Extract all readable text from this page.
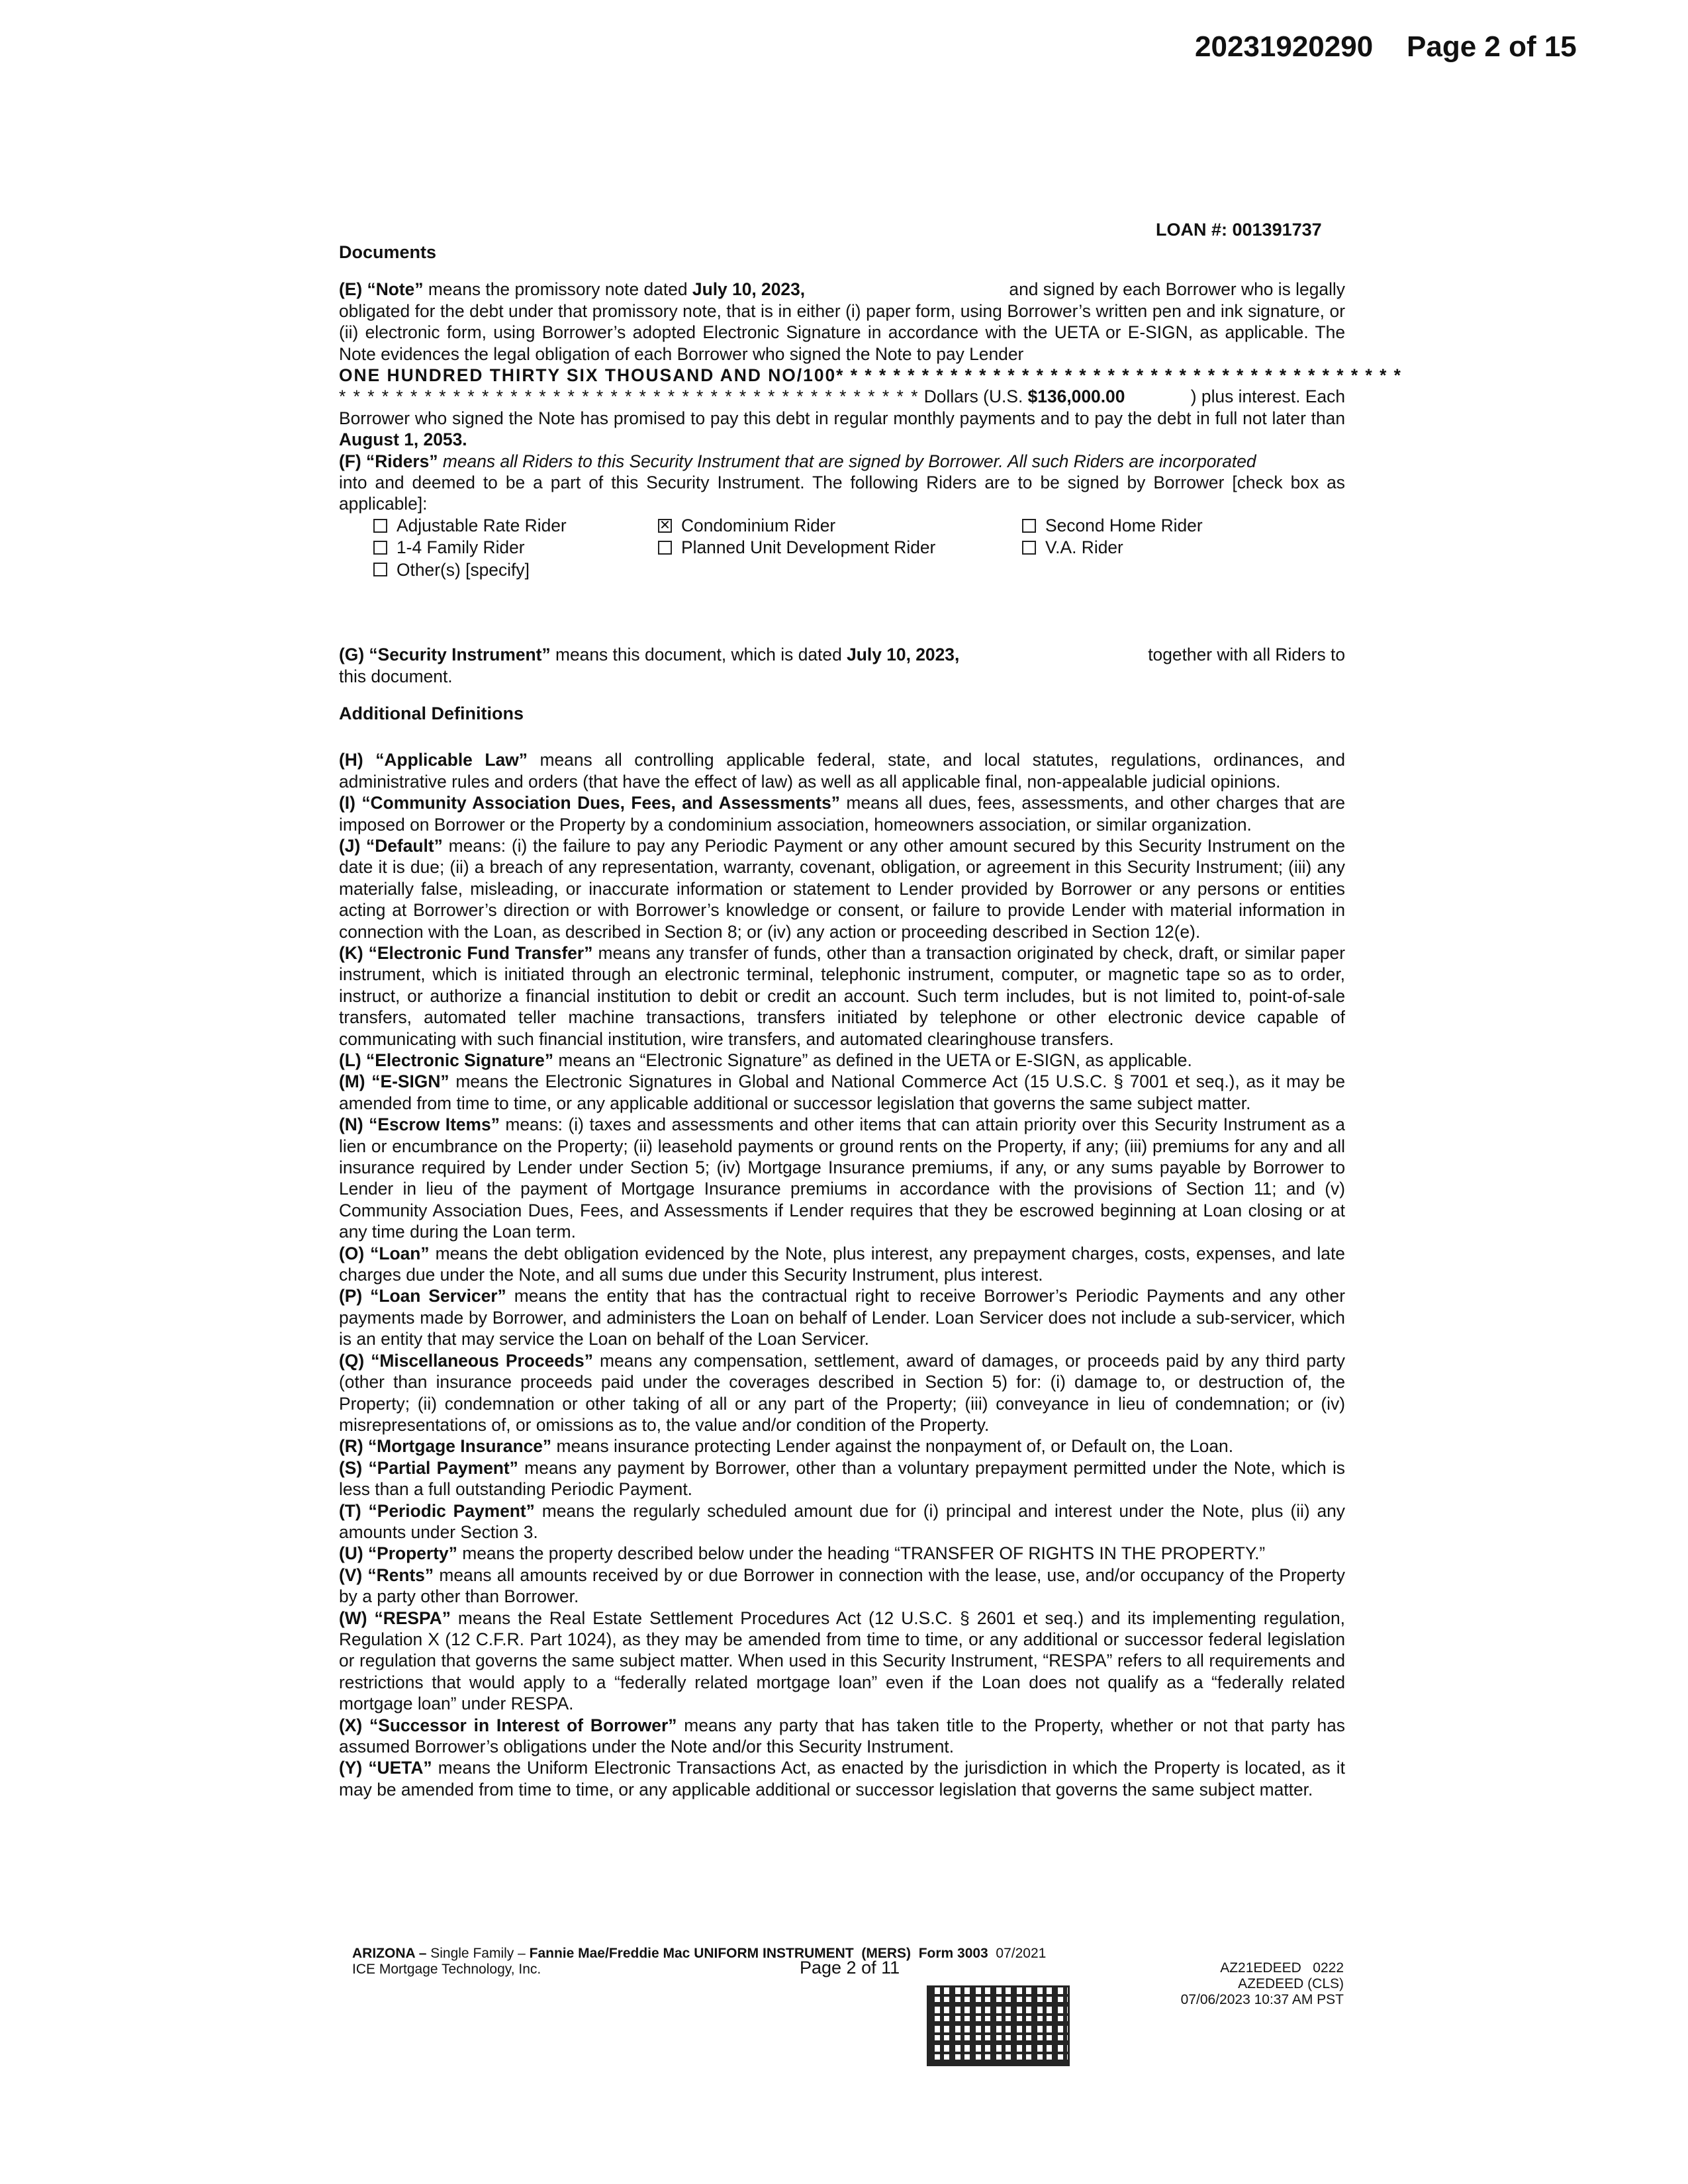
20231920290 Page 2 of 15
LOAN #: 001391737
Documents
(E) “Note” means the promissory note dated July 10, 2023,	and signed by each Borrower who is legally

obligated for the debt under that promissory note, that is in either (i) paper form, using Borrower’s written pen and ink signature, or (ii) electronic form, using Borrower’s adopted Electronic Signature in accordance with the UETA or E-SIGN, as applicable. The Note evidences the legal obligation of each Borrower who signed the Note to pay Lender

ONE HUNDRED THIRTY SIX THOUSAND AND NO/100* * * * * * * * * * * * * * * * * * * * * * * * * * * * * * * * * * * * * * * *
* * * * * * * * * * * * * * * * * * * * * * * * * * * * * * * * * * * * * * * * * Dollars (U.S. $136,000.00	) plus interest. Each

Borrower who signed the Note has promised to pay this debt in regular monthly payments and to pay the debt in full not later than August 1, 2053.

(F) “Riders” means all Riders to this Security Instrument that are signed by Borrower. All such Riders are incorporated

into and deemed to be a part of this Security Instrument. The following Riders are to be signed by Borrower [check box as applicable]:

Adjustable Rate Rider	✕ Condominium Rider	Second Home Rider
1-4 Family Rider	Planned Unit Development Rider	V.A. Rider
Other(s) [specify]
(G) “Security Instrument” means this document, which is dated July 10, 2023,	together with all Riders to

this document.

Additional Definitions

(H) “Applicable Law” means all controlling applicable federal, state, and local statutes, regulations, ordinances, and administrative rules and orders (that have the effect of law) as well as all applicable final, non-appealable judicial opinions.

(I) “Community Association Dues, Fees, and Assessments” means all dues, fees, assessments, and other charges that are imposed on Borrower or the Property by a condominium association, homeowners association, or similar organization.

(J) “Default” means: (i) the failure to pay any Periodic Payment or any other amount secured by this Security Instrument on the date it is due; (ii) a breach of any representation, warranty, covenant, obligation, or agreement in this Security Instrument; (iii) any materially false, misleading, or inaccurate information or statement to Lender provided by Borrower or any persons or entities acting at Borrower’s direction or with Borrower’s knowledge or consent, or failure to provide Lender with material information in connection with the Loan, as described in Section 8; or (iv) any action or proceeding described in Section 12(e).

(K) “Electronic Fund Transfer” means any transfer of funds, other than a transaction originated by check, draft, or similar paper instrument, which is initiated through an electronic terminal, telephonic instrument, computer, or magnetic tape so as to order, instruct, or authorize a financial institution to debit or credit an account. Such term includes, but is not limited to, point-of-sale transfers, automated teller machine transactions, transfers initiated by telephone or other electronic device capable of communicating with such financial institution, wire transfers, and automated clearinghouse transfers.

(L) “Electronic Signature” means an “Electronic Signature” as defined in the UETA or E-SIGN, as applicable.

(M) “E-SIGN” means the Electronic Signatures in Global and National Commerce Act (15 U.S.C. § 7001 et seq.), as it may be amended from time to time, or any applicable additional or successor legislation that governs the same subject matter.

(N) “Escrow Items” means: (i) taxes and assessments and other items that can attain priority over this Security Instrument as a lien or encumbrance on the Property; (ii) leasehold payments or ground rents on the Property, if any; (iii) premiums for any and all insurance required by Lender under Section 5; (iv) Mortgage Insurance premiums, if any, or any sums payable by Borrower to Lender in lieu of the payment of Mortgage Insurance premiums in accordance with the provisions of Section 11; and (v) Community Association Dues, Fees, and Assessments if Lender requires that they be escrowed beginning at Loan closing or at any time during the Loan term.

(O) “Loan” means the debt obligation evidenced by the Note, plus interest, any prepayment charges, costs, expenses, and late charges due under the Note, and all sums due under this Security Instrument, plus interest.

(P) “Loan Servicer” means the entity that has the contractual right to receive Borrower’s Periodic Payments and any other payments made by Borrower, and administers the Loan on behalf of Lender. Loan Servicer does not include a sub-servicer, which is an entity that may service the Loan on behalf of the Loan Servicer.

(Q) “Miscellaneous Proceeds” means any compensation, settlement, award of damages, or proceeds paid by any third party (other than insurance proceeds paid under the coverages described in Section 5) for: (i) damage to, or destruction of, the Property; (ii) condemnation or other taking of all or any part of the Property; (iii) conveyance in lieu of condemnation; or (iv) misrepresentations of, or omissions as to, the value and/or condition of the Property.

(R) “Mortgage Insurance” means insurance protecting Lender against the nonpayment of, or Default on, the Loan.

(S) “Partial Payment” means any payment by Borrower, other than a voluntary prepayment permitted under the Note, which is less than a full outstanding Periodic Payment.

(T) “Periodic Payment” means the regularly scheduled amount due for (i) principal and interest under the Note, plus (ii) any amounts under Section 3.

(U) “Property” means the property described below under the heading “TRANSFER OF RIGHTS IN THE PROPERTY.”

(V) “Rents” means all amounts received by or due Borrower in connection with the lease, use, and/or occupancy of the Property by a party other than Borrower.

(W) “RESPA” means the Real Estate Settlement Procedures Act (12 U.S.C. § 2601 et seq.) and its implementing regulation, Regulation X (12 C.F.R. Part 1024), as they may be amended from time to time, or any additional or successor federal legislation or regulation that governs the same subject matter. When used in this Security Instrument, “RESPA” refers to all requirements and restrictions that would apply to a “federally related mortgage loan” even if the Loan does not qualify as a “federally related mortgage loan” under RESPA.

(X) “Successor in Interest of Borrower” means any party that has taken title to the Property, whether or not that party has assumed Borrower’s obligations under the Note and/or this Security Instrument.

(Y) “UETA” means the Uniform Electronic Transactions Act, as enacted by the jurisdiction in which the Property is located, as it may be amended from time to time, or any applicable additional or successor legislation that governs the same subject matter.

ARIZONA – Single Family – Fannie Mae/Freddie Mac UNIFORM INSTRUMENT (MERS) Form 3003 07/2021
ICE Mortgage Technology, Inc.	Page 2 of 11	AZ21EDEED 0222
AZEDEED (CLS)
07/06/2023 10:37 AM PST
